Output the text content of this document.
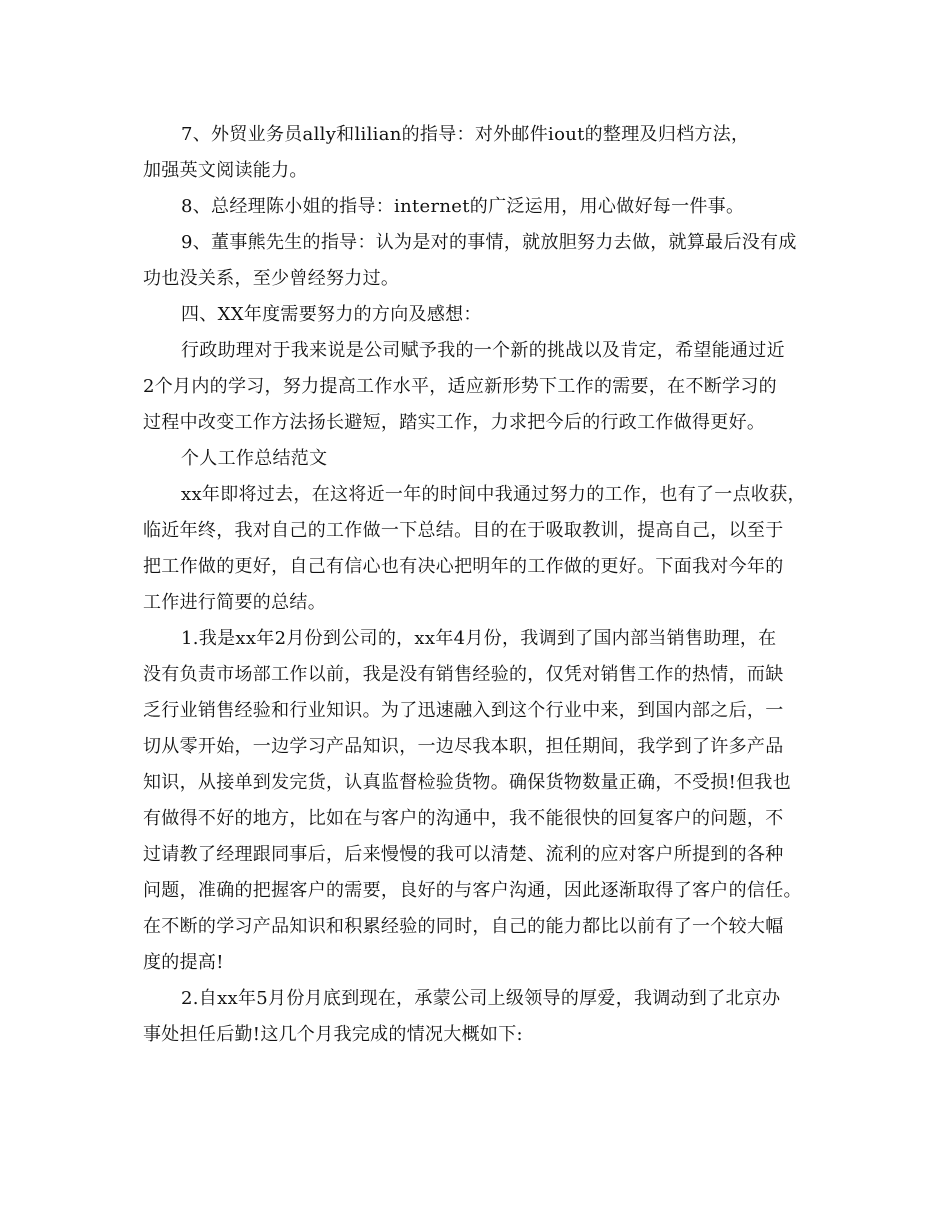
7、外贸业务员ally和lilian的指导：对外邮件iout的整理及归档方法，
加强英文阅读能力。
8、总经理陈小姐的指导：internet的广泛运用，用心做好每一件事。
9、董事熊先生的指导：认为是对的事情，就放胆努力去做，就算最后没有成
功也没关系，至少曾经努力过。
四、XX年度需要努力的方向及感想：
行政助理对于我来说是公司赋予我的一个新的挑战以及肯定，希望能通过近
2个月内的学习，努力提高工作水平，适应新形势下工作的需要，在不断学习的
过程中改变工作方法扬长避短，踏实工作，力求把今后的行政工作做得更好。
个人工作总结范文
xx年即将过去，在这将近一年的时间中我通过努力的工作，也有了一点收获，
临近年终，我对自己的工作做一下总结。目的在于吸取教训，提高自己，以至于
把工作做的更好，自己有信心也有决心把明年的工作做的更好。下面我对今年的
工作进行简要的总结。
1.我是xx年2月份到公司的，xx年4月份，我调到了国内部当销售助理，在
没有负责市场部工作以前，我是没有销售经验的，仅凭对销售工作的热情，而缺
乏行业销售经验和行业知识。为了迅速融入到这个行业中来，到国内部之后，一
切从零开始，一边学习产品知识，一边尽我本职，担任期间，我学到了许多产品
知识，从接单到发完货，认真监督检验货物。确保货物数量正确，不受损!但我也
有做得不好的地方，比如在与客户的沟通中，我不能很快的回复客户的问题，不
过请教了经理跟同事后，后来慢慢的我可以清楚、流利的应对客户所提到的各种
问题，准确的把握客户的需要，良好的与客户沟通，因此逐渐取得了客户的信任。
在不断的学习产品知识和积累经验的同时，自己的能力都比以前有了一个较大幅
度的提高!
2.自xx年5月份月底到现在，承蒙公司上级领导的厚爱，我调动到了北京办
事处担任后勤!这几个月我完成的情况大概如下:
